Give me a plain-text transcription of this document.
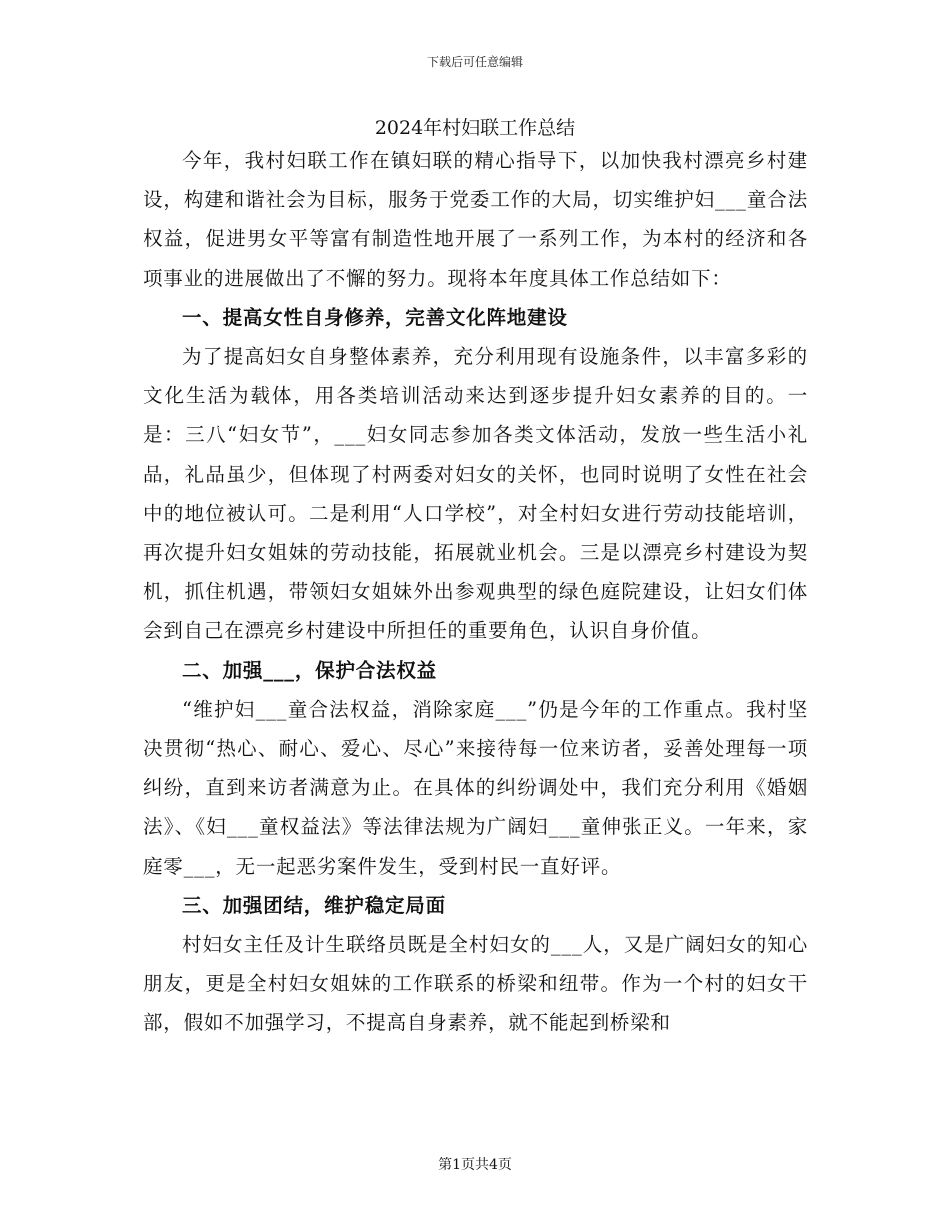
下载后可任意编辑
2024年村妇联工作总结

今年，我村妇联工作在镇妇联的精心指导下，以加快我村漂亮乡村建设，构建和谐社会为目标，服务于党委工作的大局，切实维护妇___童合法权益，促进男女平等富有制造性地开展了一系列工作，为本村的经济和各项事业的进展做出了不懈的努力。现将本年度具体工作总结如下：

一、提高女性自身修养，完善文化阵地建设

为了提高妇女自身整体素养，充分利用现有设施条件，以丰富多彩的文化生活为载体，用各类培训活动来达到逐步提升妇女素养的目的。一是：三八“妇女节”，___妇女同志参加各类文体活动，发放一些生活小礼品，礼品虽少，但体现了村两委对妇女的关怀，也同时说明了女性在社会中的地位被认可。二是利用“人口学校”，对全村妇女进行劳动技能培训，再次提升妇女姐妹的劳动技能，拓展就业机会。三是以漂亮乡村建设为契机，抓住机遇，带领妇女姐妹外出参观典型的绿色庭院建设，让妇女们体会到自己在漂亮乡村建设中所担任的重要角色，认识自身价值。

二、加强___，保护合法权益

“维护妇___童合法权益，消除家庭___”仍是今年的工作重点。我村坚决贯彻“热心、耐心、爱心、尽心”来接待每一位来访者，妥善处理每一项纠纷，直到来访者满意为止。在具体的纠纷调处中，我们充分利用《婚姻法》、《妇___童权益法》等法律法规为广阔妇___童伸张正义。一年来，家庭零___，无一起恶劣案件发生，受到村民一直好评。

三、加强团结，维护稳定局面

村妇女主任及计生联络员既是全村妇女的___人，又是广阔妇女的知心朋友，更是全村妇女姐妹的工作联系的桥梁和纽带。作为一个村的妇女干部，假如不加强学习，不提高自身素养，就不能起到桥梁和

第1页共4页
